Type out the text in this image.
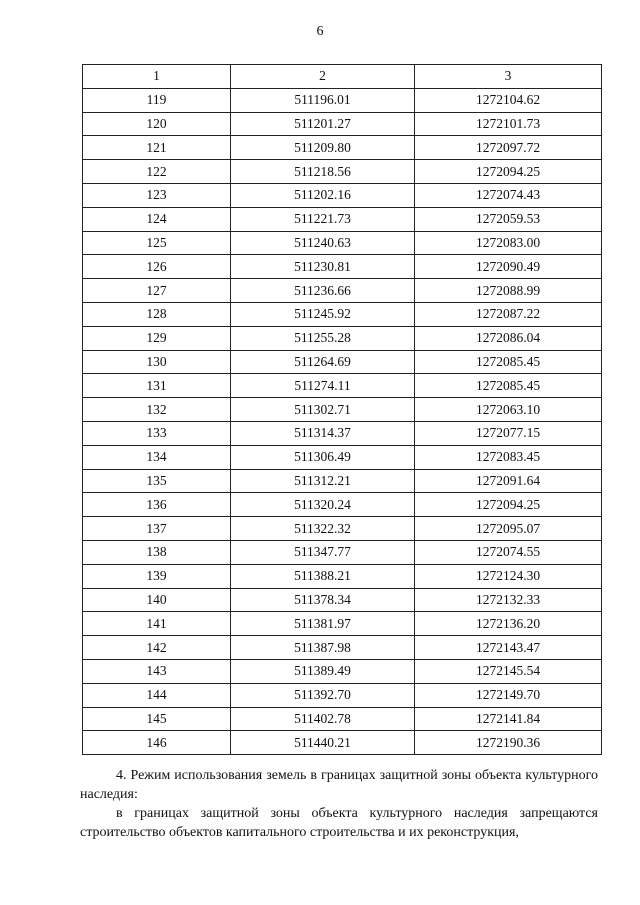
6
1	2	3
119	511196.01	1272104.62
120	511201.27	1272101.73
121	511209.80	1272097.72
122	511218.56	1272094.25
123	511202.16	1272074.43
124	511221.73	1272059.53
125	511240.63	1272083.00
126	511230.81	1272090.49
127	511236.66	1272088.99
128	511245.92	1272087.22
129	511255.28	1272086.04
130	511264.69	1272085.45
131	511274.11	1272085.45
132	511302.71	1272063.10
133	511314.37	1272077.15
134	511306.49	1272083.45
135	511312.21	1272091.64
136	511320.24	1272094.25
137	511322.32	1272095.07
138	511347.77	1272074.55
139	511388.21	1272124.30
140	511378.34	1272132.33
141	511381.97	1272136.20
142	511387.98	1272143.47
143	511389.49	1272145.54
144	511392.70	1272149.70
145	511402.78	1272141.84
146	511440.21	1272190.36

4. Режим использования земель в границах защитной зоны объекта культурного наследия:

в границах защитной зоны объекта культурного наследия запрещаются строительство объектов капитального строительства и их реконструкция,
